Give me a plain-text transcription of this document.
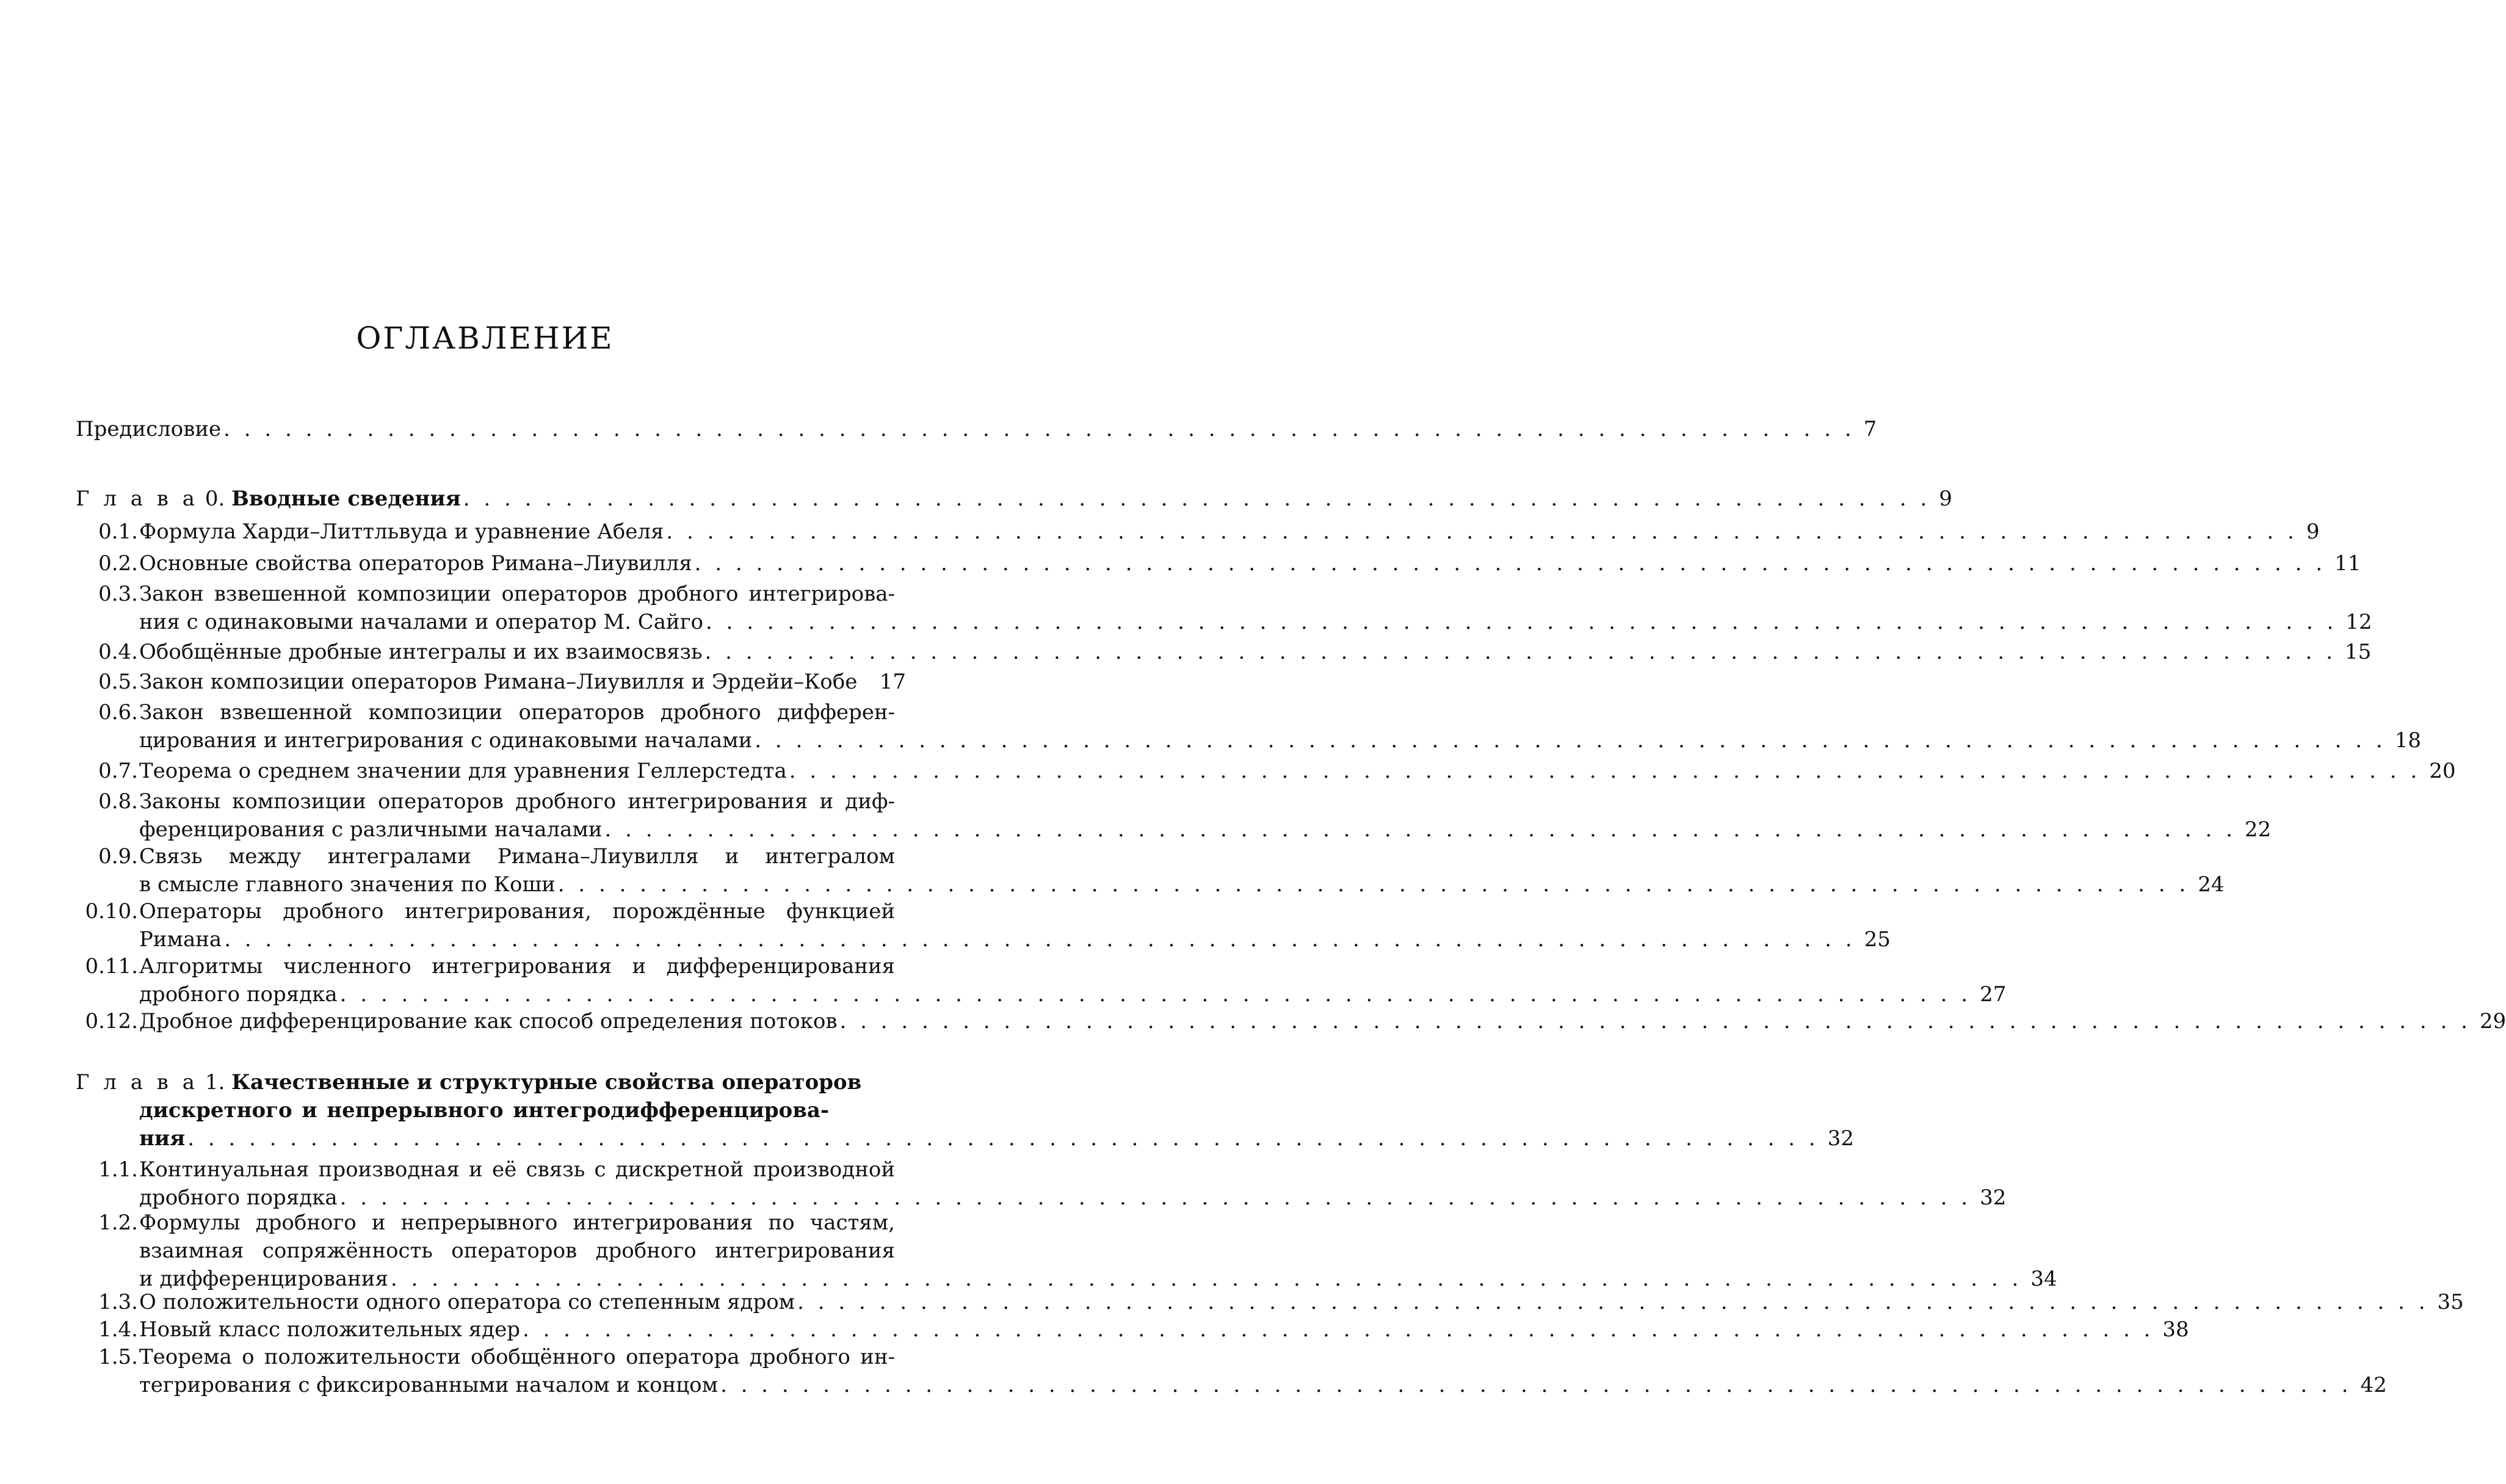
ОГЛАВЛЕНИЕ
Предисловие . . . . . . . . . . . . . . . . . . . . . . . . . . . . . . . . . . . . . . . . . . . . . . . . . . . . . . . . . . . . . . . . . . . . . . . . . . . . . . . . 7
Г л а в а 0. Вводные сведения . . . . . . . . . . . . . . . . . . . . . . . . . . . . . . . . . . . . . . . . . . . . . . . . . . . . . . . . . . . . . . . . . . . . . . . . 9
0.1. Формула Харди–Литтльвуда и уравнение Абеля . . . . . . . . . . . . . . . . . . . . . . . . . . . . . . . . . . . . . . . . . . . . . . . . . . . . . . . . . . . . . . . . . . . . . . . . . . . . . . . . 9
0.2. Основные свойства операторов Римана–Лиувилля . . . . . . . . . . . . . . . . . . . . . . . . . . . . . . . . . . . . . . . . . . . . . . . . . . . . . . . . . . . . . . . . . . . . . . . . . . . . . . . . 11
0.3. Закон взвешенной композиции операторов дробного интегрирова-
ния с одинаковыми началами и оператор М. Сайго . . . . . . . . . . . . . . . . . . . . . . . . . . . . . . . . . . . . . . . . . . . . . . . . . . . . . . . . . . . . . . . . . . . . . . . . . . . . . . . . 12
0.4. Обобщённые дробные интегралы и их взаимосвязь . . . . . . . . . . . . . . . . . . . . . . . . . . . . . . . . . . . . . . . . . . . . . . . . . . . . . . . . . . . . . . . . . . . . . . . . . . . . . . . . 15
0.5. Закон композиции операторов Римана–Лиувилля и Эрдейи–Кобе	17
0.6. Закон взвешенной композиции операторов дробного дифферен-
цирования и интегрирования с одинаковыми началами . . . . . . . . . . . . . . . . . . . . . . . . . . . . . . . . . . . . . . . . . . . . . . . . . . . . . . . . . . . . . . . . . . . . . . . . . . . . . . . . 18
0.7. Теорема о среднем значении для уравнения Геллерстедта . . . . . . . . . . . . . . . . . . . . . . . . . . . . . . . . . . . . . . . . . . . . . . . . . . . . . . . . . . . . . . . . . . . . . . . . . . . . . . . . 20
0.8. Законы композиции операторов дробного интегрирования и диф-
ференцирования с различными началами . . . . . . . . . . . . . . . . . . . . . . . . . . . . . . . . . . . . . . . . . . . . . . . . . . . . . . . . . . . . . . . . . . . . . . . . . . . . . . . . 22
0.9. Связь между интегралами Римана–Лиувилля и интегралом
в смысле главного значения по Коши . . . . . . . . . . . . . . . . . . . . . . . . . . . . . . . . . . . . . . . . . . . . . . . . . . . . . . . . . . . . . . . . . . . . . . . . . . . . . . . . 24
0.10. Операторы дробного интегрирования, порождённые функцией
Римана . . . . . . . . . . . . . . . . . . . . . . . . . . . . . . . . . . . . . . . . . . . . . . . . . . . . . . . . . . . . . . . . . . . . . . . . . . . . . . . . 25
0.11. Алгоритмы численного интегрирования и дифференцирования
дробного порядка . . . . . . . . . . . . . . . . . . . . . . . . . . . . . . . . . . . . . . . . . . . . . . . . . . . . . . . . . . . . . . . . . . . . . . . . . . . . . . . . 27
0.12. Дробное дифференцирование как способ определения потоков . . . . . . . . . . . . . . . . . . . . . . . . . . . . . . . . . . . . . . . . . . . . . . . . . . . . . . . . . . . . . . . . . . . . . . . . . . . . . . . . 29
Г л а в а 1. Качественные и структурные свойства операторов
дискретного и непрерывного интегродифференцирова-
ния . . . . . . . . . . . . . . . . . . . . . . . . . . . . . . . . . . . . . . . . . . . . . . . . . . . . . . . . . . . . . . . . . . . . . . . . . . . . . . . . 32
1.1. Континуальная производная и её связь с дискретной производной
дробного порядка . . . . . . . . . . . . . . . . . . . . . . . . . . . . . . . . . . . . . . . . . . . . . . . . . . . . . . . . . . . . . . . . . . . . . . . . . . . . . . . . 32
1.2. Формулы дробного и непрерывного интегрирования по частям,
взаимная сопряжённость операторов дробного интегрирования
и дифференцирования . . . . . . . . . . . . . . . . . . . . . . . . . . . . . . . . . . . . . . . . . . . . . . . . . . . . . . . . . . . . . . . . . . . . . . . . . . . . . . . . 34
1.3. О положительности одного оператора со степенным ядром . . . . . . . . . . . . . . . . . . . . . . . . . . . . . . . . . . . . . . . . . . . . . . . . . . . . . . . . . . . . . . . . . . . . . . . . . . . . . . . . 35
1.4. Новый класс положительных ядер . . . . . . . . . . . . . . . . . . . . . . . . . . . . . . . . . . . . . . . . . . . . . . . . . . . . . . . . . . . . . . . . . . . . . . . . . . . . . . . . 38
1.5. Теорема о положительности обобщённого оператора дробного ин-
тегрирования с фиксированными началом и концом . . . . . . . . . . . . . . . . . . . . . . . . . . . . . . . . . . . . . . . . . . . . . . . . . . . . . . . . . . . . . . . . . . . . . . . . . . . . . . . . 42
